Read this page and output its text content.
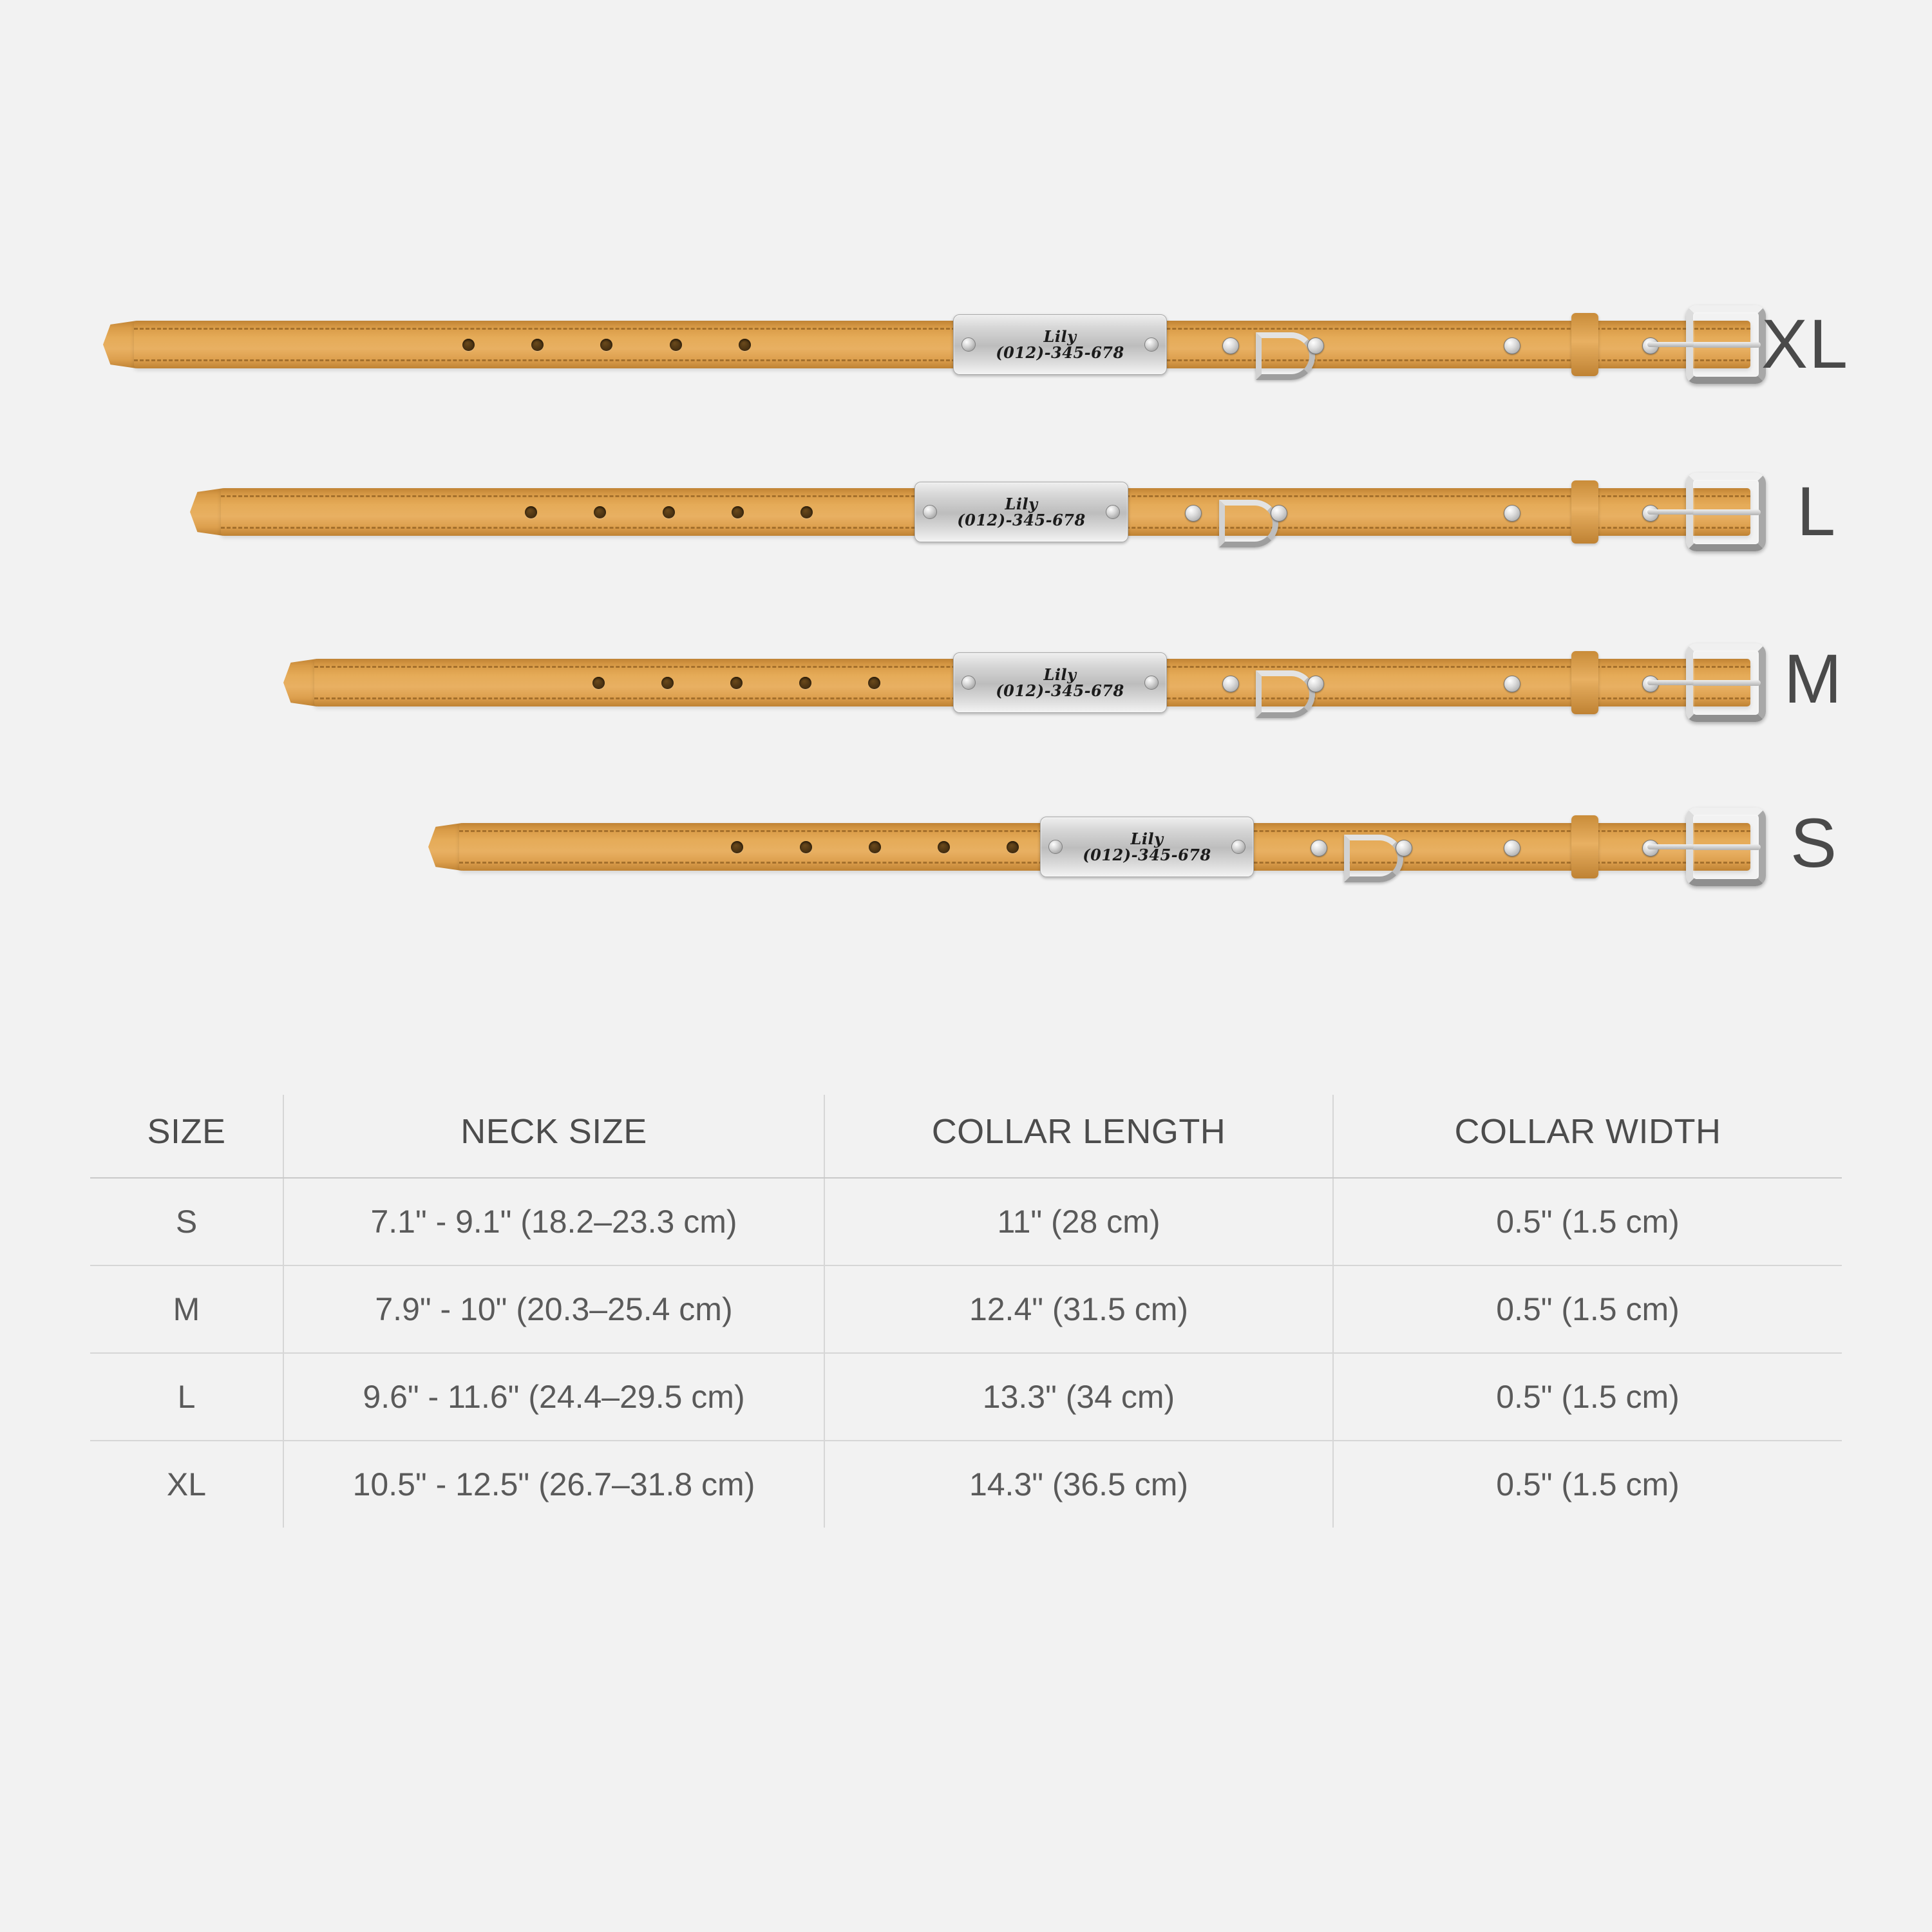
Lily
(012)-345-678	XL
Lily
(012)-345-678	L
Lily
(012)-345-678	M
Lily
(012)-345-678	S
SIZE	NECK SIZE	COLLAR LENGTH	COLLAR WIDTH
S	7.1" - 9.1" (18.2–23.3 cm)	11" (28 cm)	0.5" (1.5 cm)
M	7.9" - 10" (20.3–25.4 cm)	12.4" (31.5 cm)	0.5" (1.5 cm)
L	9.6" - 11.6" (24.4–29.5 cm)	13.3" (34 cm)	0.5" (1.5 cm)
XL	10.5" - 12.5" (26.7–31.8 cm)	14.3" (36.5 cm)	0.5" (1.5 cm)
